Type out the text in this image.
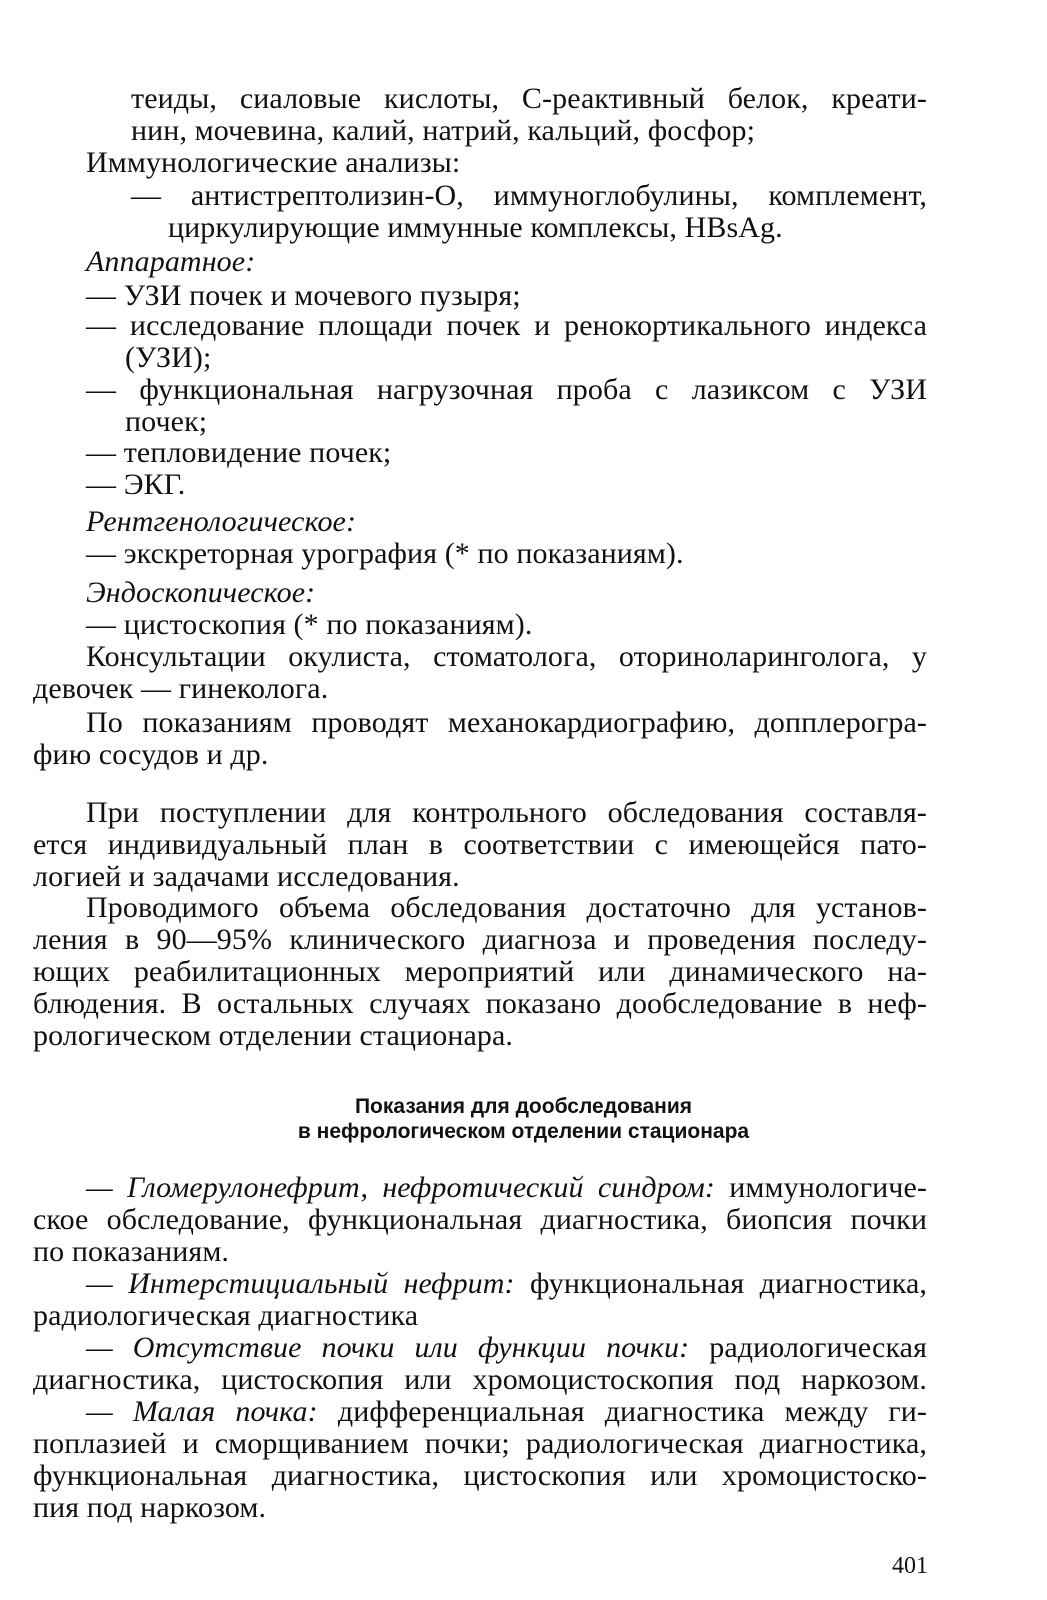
теиды, сиаловые кислоты, С-реактивный белок, креати-
нин, мочевина, калий, натрий, кальций, фосфор;
Иммунологические анализы:
— антистрептолизин-О, иммуноглобулины, комплемент,
циркулирующие иммунные комплексы, HBsAg.
Аппаратное:
— УЗИ почек и мочевого пузыря;
— исследование площади почек и ренокортикального индекса
(УЗИ);
— функциональная нагрузочная проба с лазиксом с УЗИ
почек;
— тепловидение почек;
— ЭКГ.
Рентгенологическое:
— экскреторная урография (* по показаниям).
Эндоскопическое:
— цистоскопия (* по показаниям).
Консультации окулиста, стоматолога, оториноларинголога, у
девочек — гинеколога.
По показаниям проводят механокардиографию, допплерогра-
фию сосудов и др.
При поступлении для контрольного обследования составля-
ется индивидуальный план в соответствии с имеющейся пато-
логией и задачами исследования.
Проводимого объема обследования достаточно для установ-
ления в 90—95% клинического диагноза и проведения последу-
ющих реабилитационных мероприятий или динамического на-
блюдения. В остальных случаях показано дообследование в неф-
рологическом отделении стационара.
Показания для дообследования
в нефрологическом отделении стационара
— Гломерулонефрит, нефротический синдром: иммунологиче-
ское обследование, функциональная диагностика, биопсия почки
по показаниям.
— Интерстициальный нефрит: функциональная диагностика,
радиологическая диагностика
— Отсутствие почки или функции почки: радиологическая
диагностика, цистоскопия или хромоцистоскопия под наркозом.
— Малая почка: дифференциальная диагностика между ги-
поплазией и сморщиванием почки; радиологическая диагностика,
функциональная диагностика, цистоскопия или хромоцистоско-
пия под наркозом.
401
